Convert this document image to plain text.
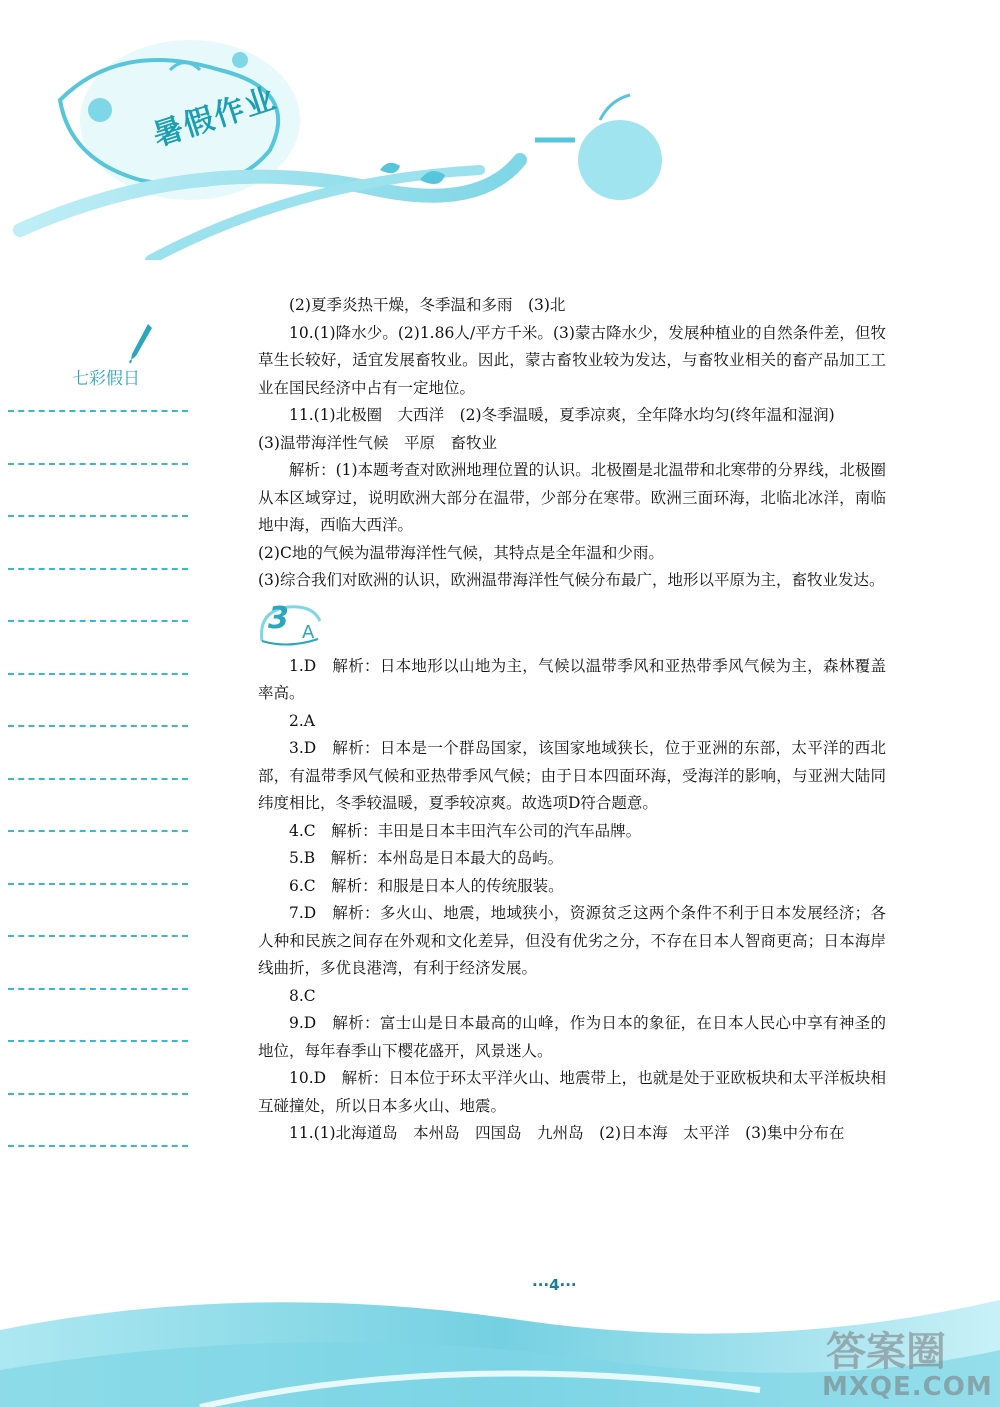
暑假作业
七彩假日

(2)夏季炎热干燥，冬季温和多雨　(3)北

10.(1)降水少。(2)1.86人/平方千米。(3)蒙古降水少，发展种植业的自然条件差，但牧草生长较好，适宜发展畜牧业。因此，蒙古畜牧业较为发达，与畜牧业相关的畜产品加工工业在国民经济中占有一定地位。

11.(1)北极圈　大西洋　(2)冬季温暖，夏季凉爽，全年降水均匀(终年温和湿润)

(3)温带海洋性气候　平原　畜牧业

解析：(1)本题考查对欧洲地理位置的认识。北极圈是北温带和北寒带的分界线，北极圈从本区域穿过，说明欧洲大部分在温带，少部分在寒带。欧洲三面环海，北临北冰洋，南临地中海，西临大西洋。

(2)C地的气候为温带海洋性气候，其特点是全年温和少雨。

(3)综合我们对欧洲的认识，欧洲温带海洋性气候分布最广，地形以平原为主，畜牧业发达。

3 A

1.D　解析：日本地形以山地为主，气候以温带季风和亚热带季风气候为主，森林覆盖率高。

2.A

3.D　解析：日本是一个群岛国家，该国家地域狭长，位于亚洲的东部，太平洋的西北部，有温带季风气候和亚热带季风气候；由于日本四面环海，受海洋的影响，与亚洲大陆同纬度相比，冬季较温暖，夏季较凉爽。故选项D符合题意。

4.C　解析：丰田是日本丰田汽车公司的汽车品牌。

5.B　解析：本州岛是日本最大的岛屿。

6.C　解析：和服是日本人的传统服装。

7.D　解析：多火山、地震，地域狭小，资源贫乏这两个条件不利于日本发展经济；各人种和民族之间存在外观和文化差异，但没有优劣之分，不存在日本人智商更高；日本海岸线曲折，多优良港湾，有利于经济发展。

8.C

9.D　解析：富士山是日本最高的山峰，作为日本的象征，在日本人民心中享有神圣的地位，每年春季山下樱花盛开，风景迷人。

10.D　解析：日本位于环太平洋火山、地震带上，也就是处于亚欧板块和太平洋板块相互碰撞处，所以日本多火山、地震。

11.(1)北海道岛　本州岛　四国岛　九州岛　(2)日本海　太平洋　(3)集中分布在

···4···
答案圈
MXQE.COM
